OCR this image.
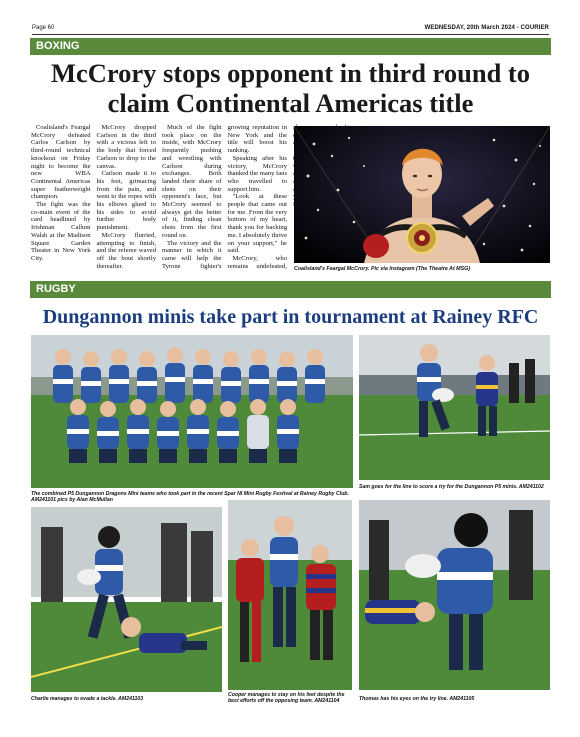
Page 60	WEDNESDAY, 20th March 2024 - COURIER
BOXING
McCrory stops opponent in third round to claim Continental Americas title

Coalisland's Feargal McCrory defeated Carlos Carlson by third-round technical knockout on Friday night to become the new WBA Continental Americas super featherweight champion.

The fight was the co-main event of the card headlined by Irishman Callum Walsh at the Madison Square Garden Theater in New York City.

McCrory dropped Carlson in the third with a vicious left to the body that forced Carlson to drop to the canvas.

Carlson made it to his feet, grimacing from the pain, and went to the ropes with his elbows glued to his sides to avoid further body punishment.

McCrory flurried, attempting to finish, and the referee waved off the bout shortly thereafter.

Much of the fight took place on the inside, with McCrory frequently pushing and wrestling with Carlson during exchanges. Both landed their share of shots on their opponent's face, but McCrory seemed to always get the better of it, finding clean shots from the first round on.

The victory and the manner in which it came will help the Tyrone fighter's growing reputation in New York and the title will boost his ranking.

Speaking after his victory, McCrory thanked the many fans who travelled to support him.

"Look at these people that came out for me. From the very bottom of my heart, thank you for backing me. I absolutely thrive on your support," he said.

McCrory, who remains undefeated,	Coalisland's Feargal McCrory. Pic via Instagram (The Theatre At MSG)
RUGBY
Dungannon minis take part in tournament at Rainey RFC
The combined P5 Dungannon Dragons Mini teams who took part in the recent Spar NI Mini Rugby Festival at Rainey Rugby Club. AM241101 pics by Alan McMullan
Sam goes for the line to score a try for the Dungannon P5 minis. AM241102
Charlie manages to evade a tackle. AM241103
Cooper manages to stay on his feet despite the best efforts off the opposing team. AM241104	Thomas has his eyes on the try line. AM241105
